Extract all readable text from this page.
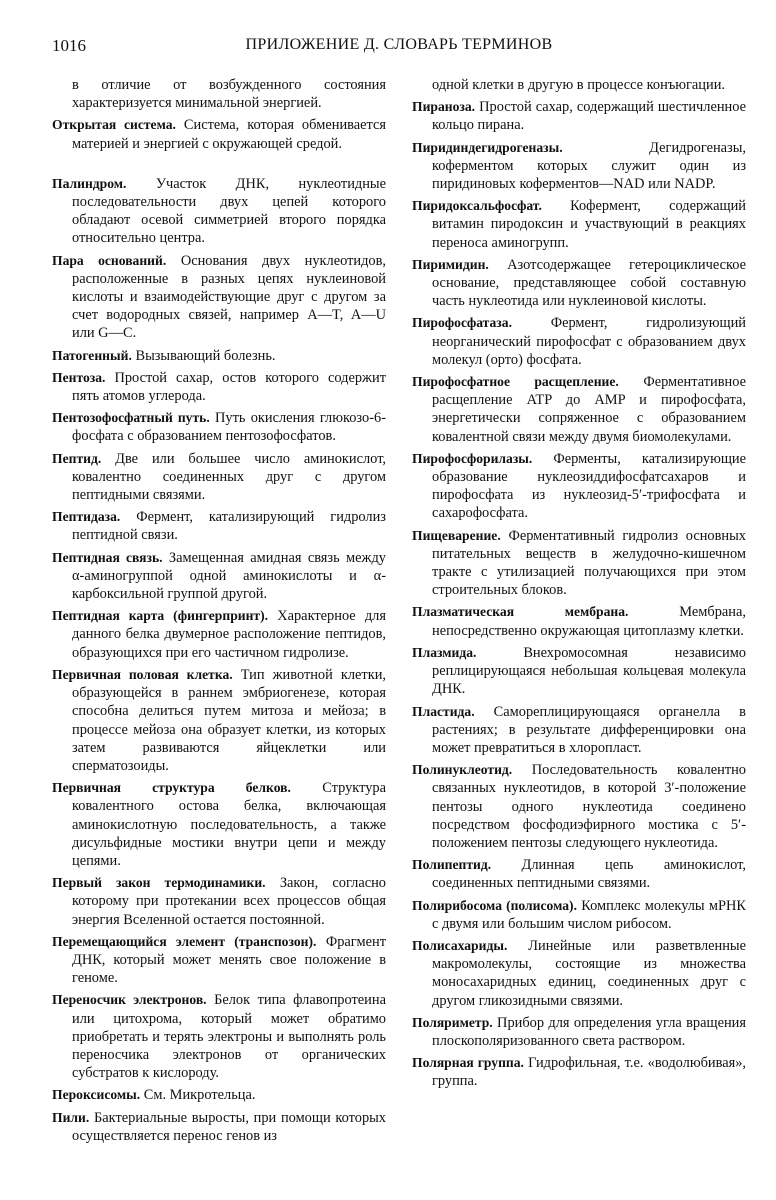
1016	ПРИЛОЖЕНИЕ Д. СЛОВАРЬ ТЕРМИНОВ

в отличие от возбужденного состояния характеризуется минимальной энергией.

Открытая система. Система, которая обменивается материей и энергией с окружающей средой.

Палиндром. Участок ДНК, нуклеотидные последовательности двух цепей которого обладают осевой симметрией второго порядка относительно центра.

Пара оснований. Основания двух нуклеотидов, расположенные в разных цепях нуклеиновой кислоты и взаимодействующие друг с другом за счет водородных связей, например A—T, A—U или G—C.

Патогенный. Вызывающий болезнь.

Пентоза. Простой сахар, остов которого содержит пять атомов углерода.

Пентозофосфатный путь. Путь окисления глюкозо-6-фосфата с образованием пентозофосфатов.

Пептид. Две или большее число аминокислот, ковалентно соединенных друг с другом пептидными связями.

Пептидаза. Фермент, катализирующий гидролиз пептидной связи.

Пептидная связь. Замещенная амидная связь между α-аминогруппой одной аминокислоты и α-карбоксильной группой другой.

Пептидная карта (фингерпринт). Характерное для данного белка двумерное расположение пептидов, образующихся при его частичном гидролизе.

Первичная половая клетка. Тип животной клетки, образующейся в раннем эмбриогенезе, которая способна делиться путем митоза и мейоза; в процессе мейоза она образует клетки, из которых затем развиваются яйцеклетки или сперматозоиды.

Первичная структура белков. Структура ковалентного остова белка, включающая аминокислотную последовательность, а также дисульфидные мостики внутри цепи и между цепями.

Первый закон термодинамики. Закон, согласно которому при протекании всех процессов общая энергия Вселенной остается постоянной.

Перемещающийся элемент (транспозон). Фрагмент ДНК, который может менять свое положение в геноме.

Переносчик электронов. Белок типа флавопротеина или цитохрома, который может обратимо приобретать и терять электроны и выполнять роль переносчика электронов от органических субстратов к кислороду.

Пероксисомы. См. Микротельца.

Пили. Бактериальные выросты, при помощи которых осуществляется перенос генов из

одной клетки в другую в процессе конъюгации.

Пираноза. Простой сахар, содержащий шестичленное кольцо пирана.

Пиридиндегидрогеназы.	Дегидрогеназы, коферментом которых служит один из пиридиновых коферментов—NAD или NADP.

Пиридоксальфосфат. Кофермент, содержащий витамин пиродоксин и участвующий в реакциях переноса аминогрупп.

Пиримидин. Азотсодержащее гетероциклическое основание, представляющее собой составную часть нуклеотида или нуклеиновой кислоты.

Пирофосфатаза.	Фермент, гидролизующий неорганический пирофосфат с образованием двух молекул (орто) фосфата.

Пирофосфатное расщепление. Ферментативное расщепление ATP до AMP и пирофосфата, энергетически сопряженное с образованием ковалентной связи между двумя биомолекулами.

Пирофосфорилазы. Ферменты, катализирующие образование нуклеозиддифосфатсахаров и пирофосфата из нуклеозид-5′-трифосфата и сахарофосфата.

Пищеварение. Ферментативный гидролиз основных питательных веществ в желудочно-кишечном тракте с утилизацией получающихся при этом строительных блоков.

Плазматическая мембрана.	Мембрана, непосредственно окружающая цитоплазму клетки.

Плазмида.	Внехромосомная независимо реплицирующаяся небольшая кольцевая молекула ДНК.

Пластида. Самореплицирующаяся органелла в растениях; в результате дифференцировки она может превратиться в хлоропласт.

Полинуклеотид. Последовательность ковалентно связанных нуклеотидов, в которой 3′-положение пентозы одного нуклеотида соединено посредством фосфодиэфирного мостика с 5′-положением пентозы следующего нуклеотида.

Полипептид. Длинная цепь аминокислот, соединенных пептидными связями.

Полирибосома (полисома). Комплекс молекулы мРНК с двумя или большим числом рибосом.

Полисахариды. Линейные или разветвленные макромолекулы, состоящие из множества моносахаридных единиц, соединенных друг с другом гликозидными связями.

Поляриметр. Прибор для определения угла вращения плоскополяризованного света раствором.

Полярная группа. Гидрофильная, т.е. «водолюбивая», группа.
